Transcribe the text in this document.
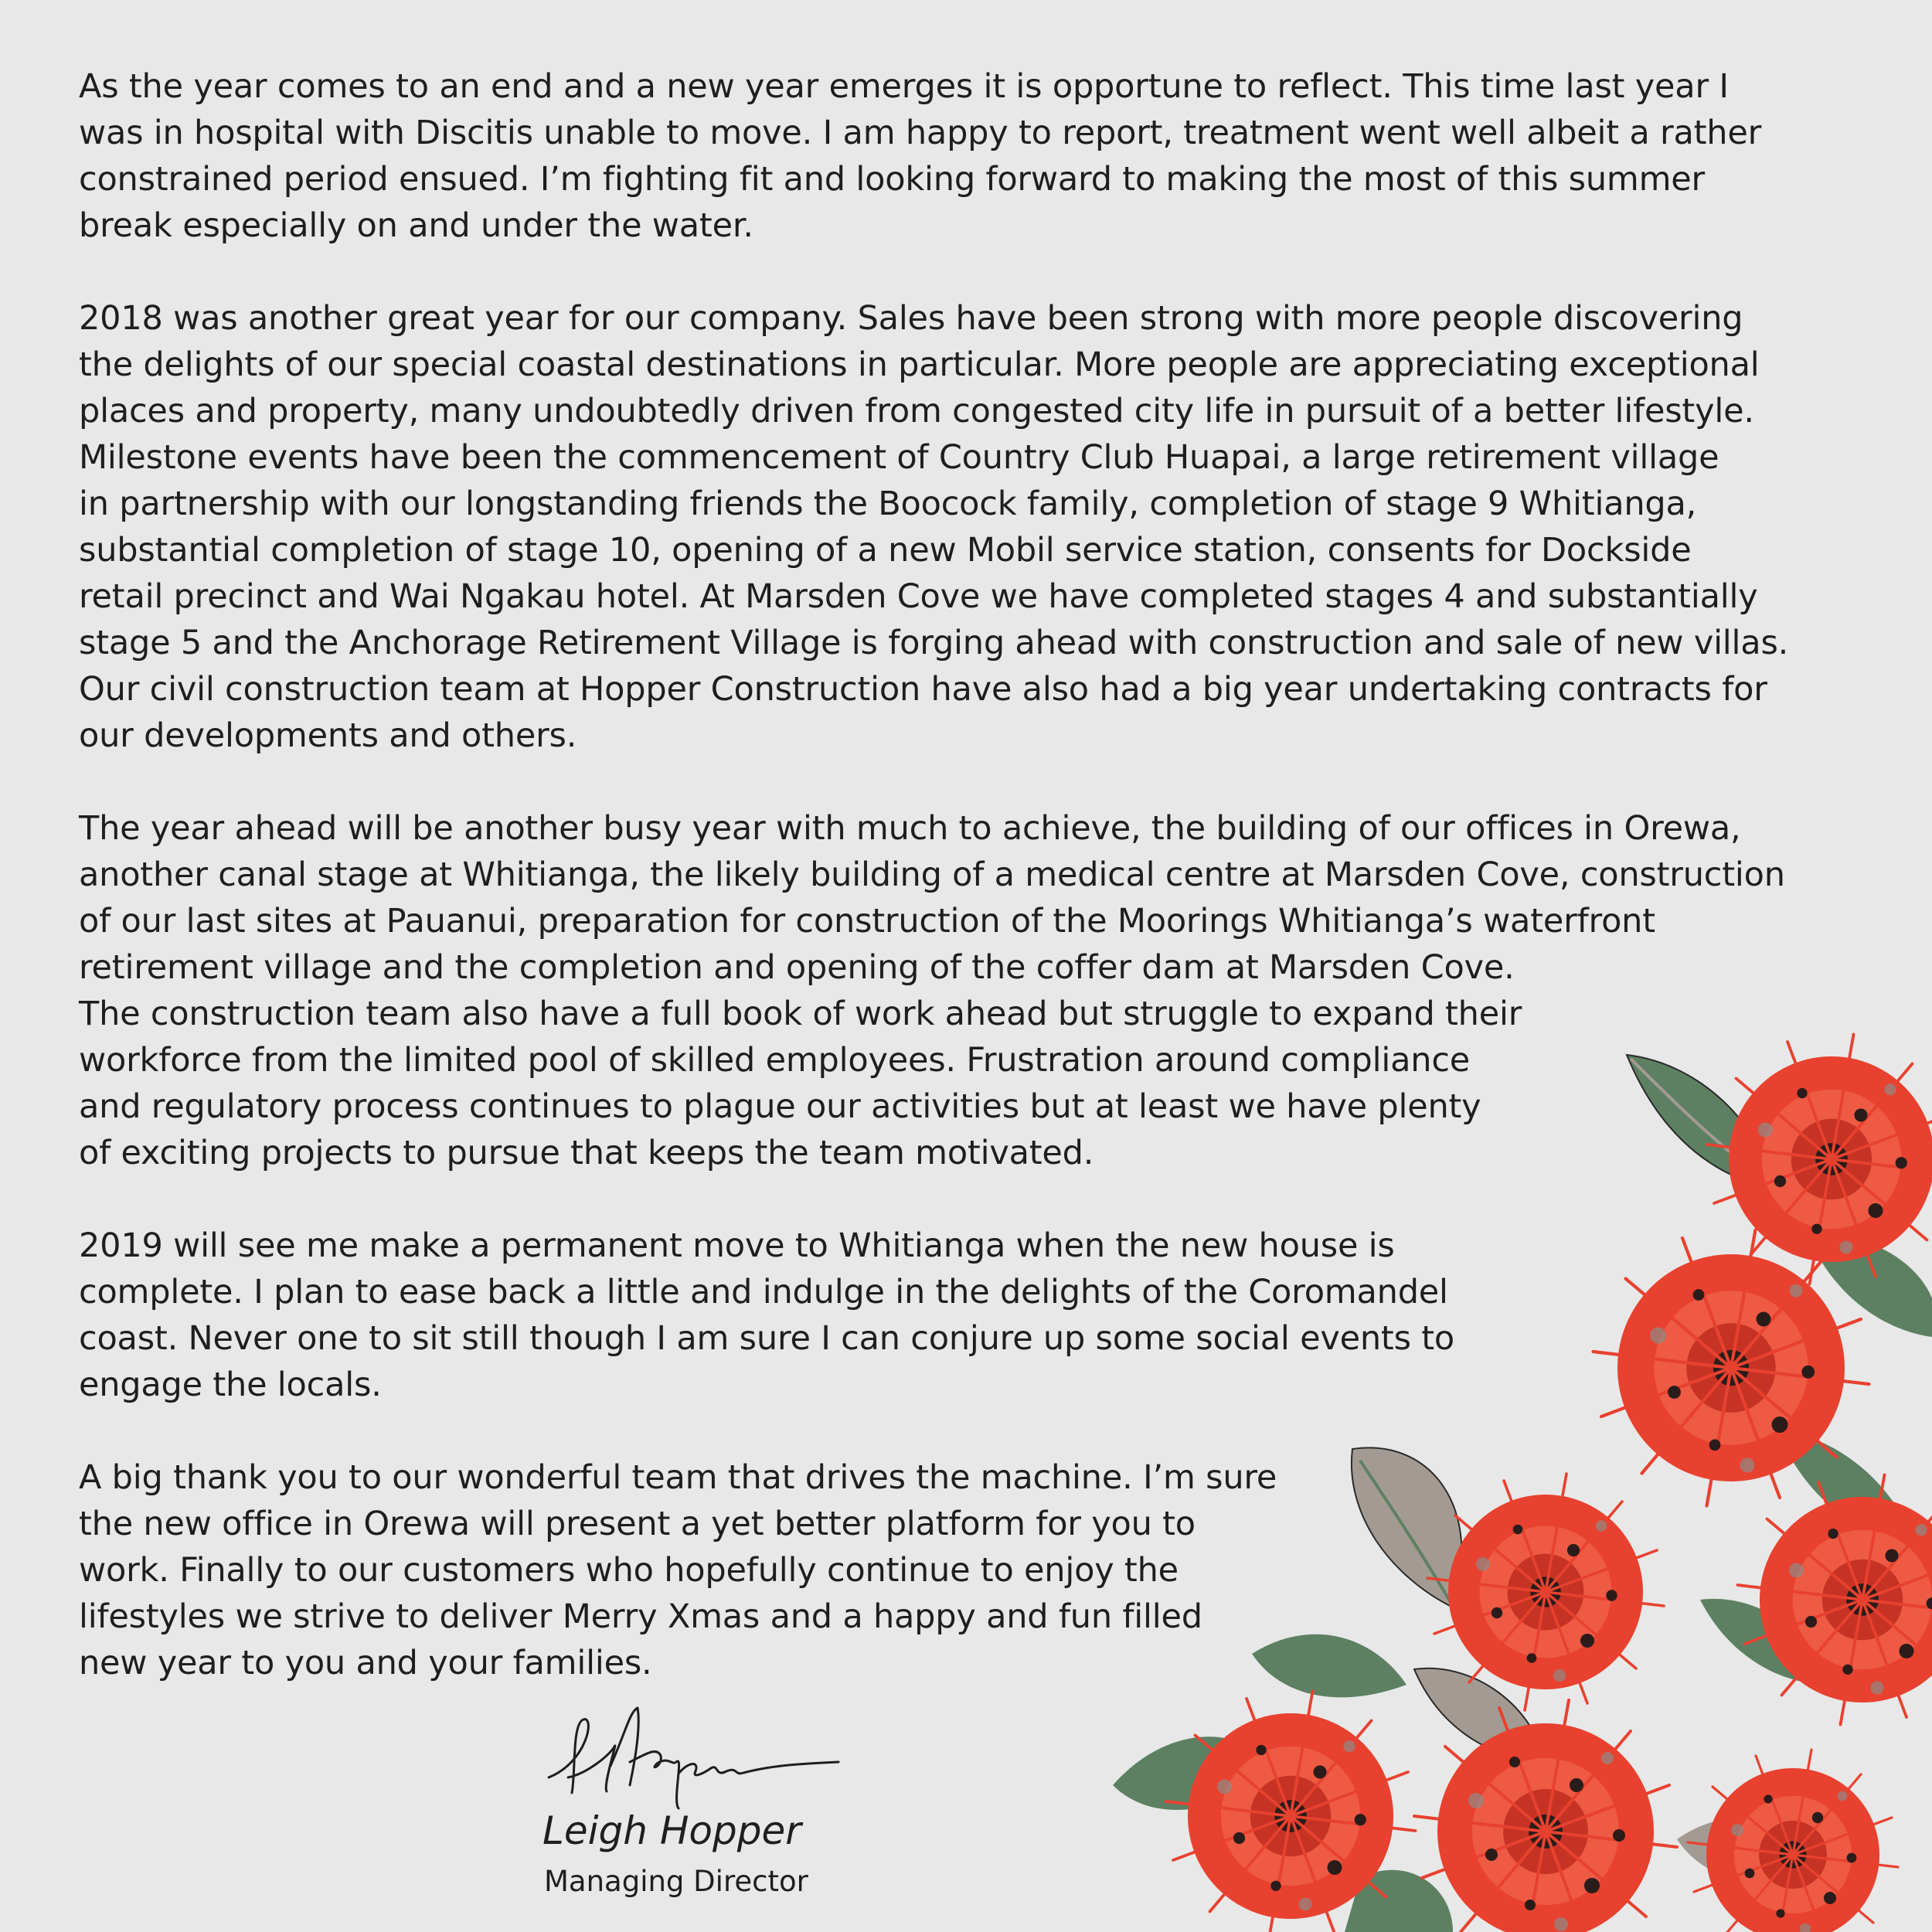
As the year comes to an end and a new year emerges it is opportune to reflect. This time last year I
was in hospital with Discitis unable to move. I am happy to report, treatment went well albeit a rather
constrained period ensued. I’m fighting fit and looking forward to making the most of this summer
break especially on and under the water.

2018 was another great year for our company. Sales have been strong with more people discovering
the delights of our special coastal destinations in particular. More people are appreciating exceptional
places and property, many undoubtedly driven from congested city life in pursuit of a better lifestyle.
Milestone events have been the commencement of Country Club Huapai, a large retirement village
in partnership with our longstanding friends the Boocock family, completion of stage 9 Whitianga,
substantial completion of stage 10, opening of a new Mobil service station, consents for Dockside
retail precinct and Wai Ngakau hotel. At Marsden Cove we have completed stages 4 and substantially
stage 5 and the Anchorage Retirement Village is forging ahead with construction and sale of new villas.
Our civil construction team at Hopper Construction have also had a big year undertaking contracts for
our developments and others.

The year ahead will be another busy year with much to achieve, the building of our offices in Orewa,
another canal stage at Whitianga, the likely building of a medical centre at Marsden Cove, construction
of our last sites at Pauanui, preparation for construction of the Moorings Whitianga’s waterfront
retirement village and the completion and opening of the coffer dam at Marsden Cove.
The construction team also have a full book of work ahead but struggle to expand their
workforce from the limited pool of skilled employees. Frustration around compliance
and regulatory process continues to plague our activities but at least we have plenty
of exciting projects to pursue that keeps the team motivated.

2019 will see me make a permanent move to Whitianga when the new house is
complete. I plan to ease back a little and indulge in the delights of the Coromandel
coast. Never one to sit still though I am sure I can conjure up some social events to
engage the locals.

A big thank you to our wonderful team that drives the machine. I’m sure
the new office in Orewa will present a yet better platform for you to
work. Finally to our customers who hopefully continue to enjoy the
lifestyles we strive to deliver Merry Xmas and a happy and fun filled
new year to you and your families.

Leigh Hopper
Managing Director
